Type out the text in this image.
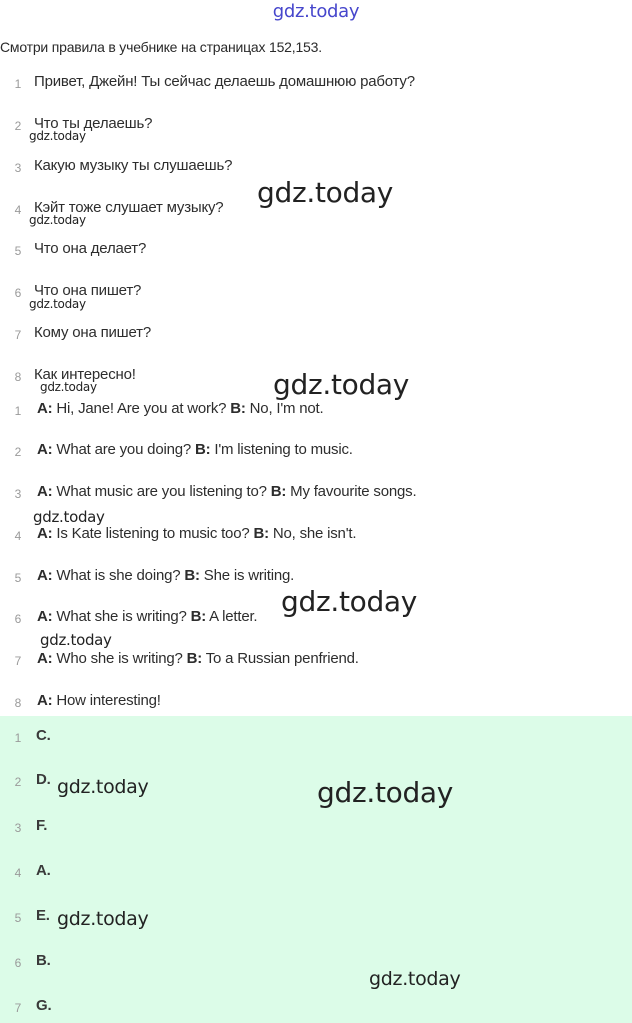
gdz.today
Смотри правила в учебнике на страницах 152,153.
1 Привет, Джейн! Ты сейчас делаешь домашнюю работу?
2 Что ты делаешь?
3 Какую музыку ты слушаешь?
4 Кэйт тоже слушает музыку?
5 Что она делает?
6 Что она пишет?
7 Кому она пишет?
8 Как интересно!
1 A: Hi, Jane! Are you at work? B: No, I'm not.
2 A: What are you doing? B: I'm listening to music.
3 A: What music are you listening to? B: My favourite songs.
4 A: Is Kate listening to music too? B: No, she isn't.
5 A: What is she doing? B: She is writing.
6 A: What she is writing? B: A letter.
7 A: Who she is writing? B: To a Russian penfriend.
8 A: How interesting!
1 C.
2 D.
3 F.
4 A.
5 E.
6 B.
7 G.
gdz.today
gdz.today
gdz.today
gdz.today
gdz.today
gdz.today
gdz.today
gdz.today
gdz.today
gdz.today	gdz.today
gdz.today
gdz.today
